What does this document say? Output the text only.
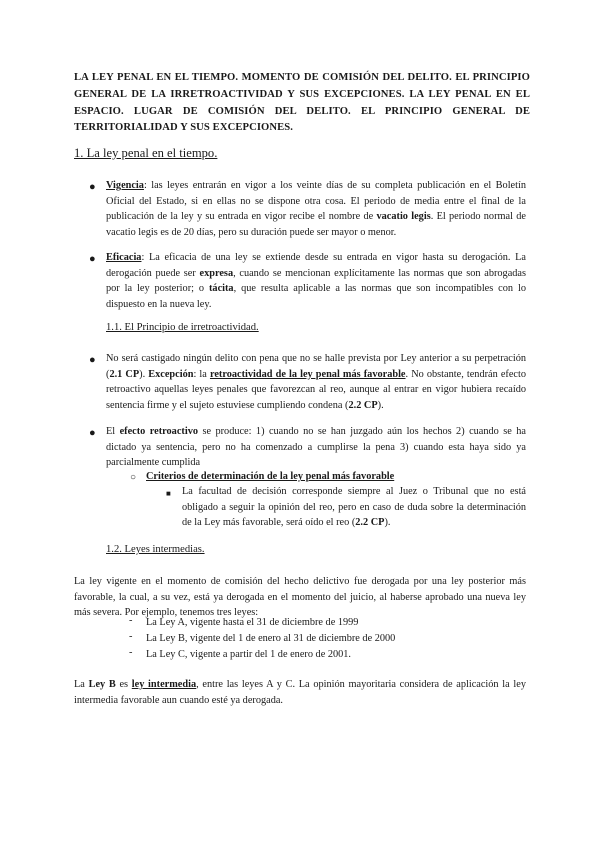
LA LEY PENAL EN EL TIEMPO. MOMENTO DE COMISIÓN DEL DELITO. EL PRINCIPIO GENERAL DE LA IRRETROACTIVIDAD Y SUS EXCEPCIONES. LA LEY PENAL EN EL ESPACIO. LUGAR DE COMISIÓN DEL DELITO. EL PRINCIPIO GENERAL DE TERRITORIALIDAD Y SUS EXCEPCIONES.
1. La ley penal en el tiempo.
● Vigencia: las leyes entrarán en vigor a los veinte días de su completa publicación en el Boletín Oficial del Estado, si en ellas no se dispone otra cosa. El periodo de media entre el final de la publicación de la ley y su entrada en vigor recibe el nombre de vacatio legis. El periodo normal de vacatio legis es de 20 días, pero su duración puede ser mayor o menor.
● Eficacia: La eficacia de una ley se extiende desde su entrada en vigor hasta su derogación. La derogación puede ser expresa, cuando se mencionan explícitamente las normas que son abrogadas por la ley posterior; o tácita, que resulta aplicable a las normas que son incompatibles con lo dispuesto en la nueva ley.
1.1. El Principio de irretroactividad.
● No será castigado ningún delito con pena que no se halle prevista por Ley anterior a su perpetración (2.1 CP). Excepción: la retroactividad de la ley penal más favorable. No obstante, tendrán efecto retroactivo aquellas leyes penales que favorezcan al reo, aunque al entrar en vigor hubiera recaído sentencia firme y el sujeto estuviese cumpliendo condena (2.2 CP).
● El efecto retroactivo se produce: 1) cuando no se han juzgado aún los hechos 2) cuando se ha dictado ya sentencia, pero no ha comenzado a cumplirse la pena 3) cuando esta haya sido ya parcialmente cumplida
○ Criterios de determinación de la ley penal más favorable
■ La facultad de decisión corresponde siempre al Juez o Tribunal que no está obligado a seguir la opinión del reo, pero en caso de duda sobre la determinación de la Ley más favorable, será oído el reo (2.2 CP).
1.2. Leyes intermedias.
La ley vigente en el momento de comisión del hecho delictivo fue derogada por una ley posterior más favorable, la cual, a su vez, está ya derogada en el momento del juicio, al haberse aprobado una nueva ley más severa. Por ejemplo, tenemos tres leyes:
- La Ley A, vigente hasta el 31 de diciembre de 1999
- La Ley B, vigente del 1 de enero al 31 de diciembre de 2000
- La Ley C, vigente a partir del 1 de enero de 2001.
La Ley B es ley intermedia, entre las leyes A y C. La opinión mayoritaria considera de aplicación la ley intermedia favorable aun cuando esté ya derogada.
